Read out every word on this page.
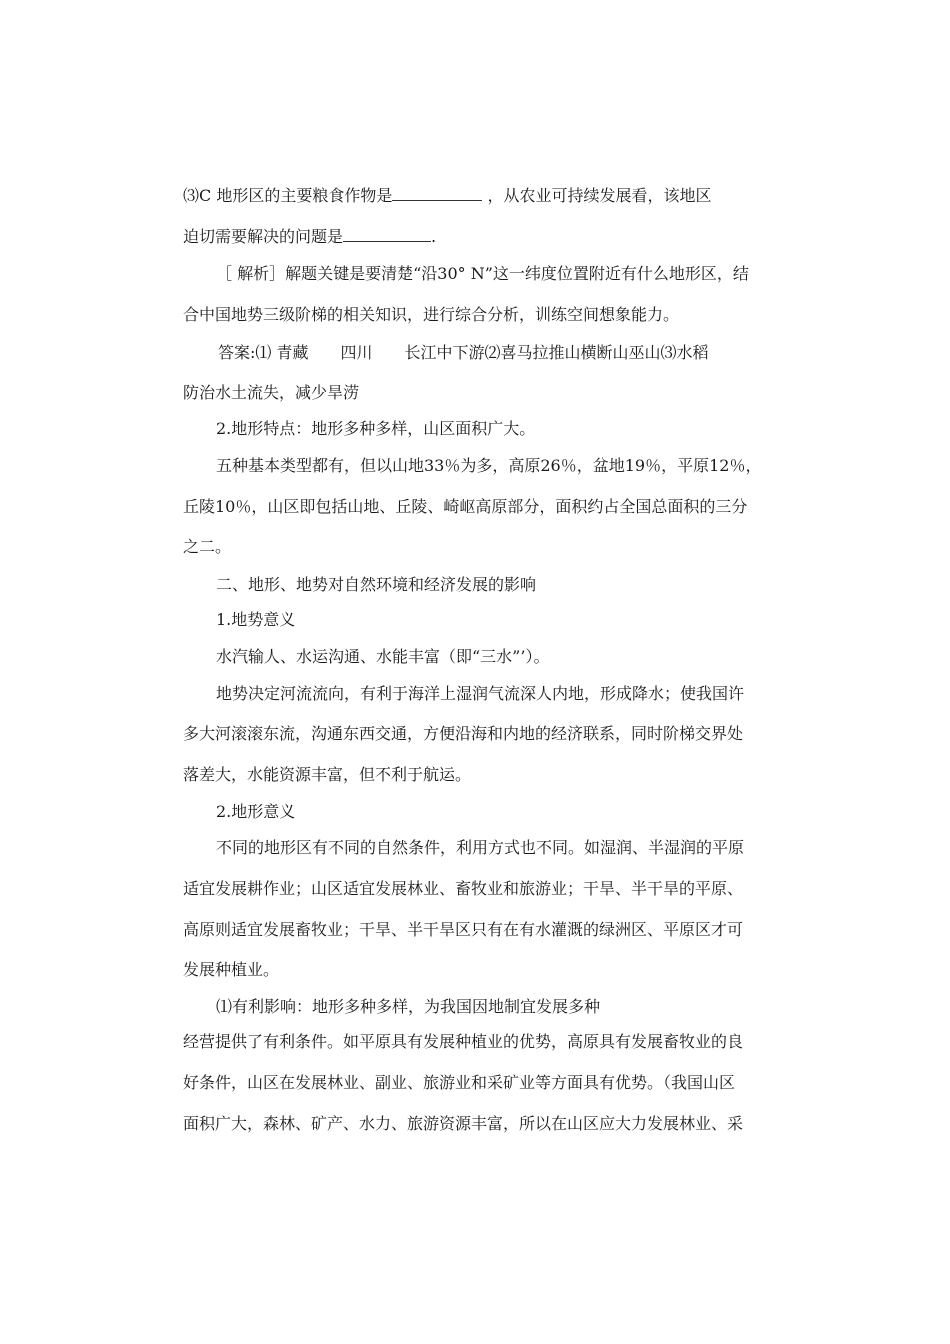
⑶C 地形区的主要粮食作物是	，从农业可持续发展看，该地区
迫切需要解决的问题是	.
［ 解析］解题关键是要清楚“沿30° N”这一纬度位置附近有什么地形区，结
合中国地势三级阶梯的相关知识，进行综合分析，训练空间想象能力。
答案:⑴ 青藏　　四川　　长江中下游⑵喜马拉推山横断山巫山⑶水稻
防治水土流失，减少旱涝
2.地形特点：地形多种多样，山区面积广大。
五种基本类型都有，但以山地33％为多，高原26％，盆地19％，平原12％，
丘陵10％，山区即包括山地、丘陵、崎岖高原部分，面积约占全国总面积的三分
之二。
二、地形、地势对自然环境和经济发展的影响
1.地势意义
水汽输人、水运沟通、水能丰富（即“三水”’）。
地势决定河流流向，有利于海洋上湿润气流深人内地，形成降水；使我国许
多大河滚滚东流，沟通东西交通，方便沿海和内地的经济联系，同时阶梯交界处
落差大，水能资源丰富，但不利于航运。
2.地形意义
不同的地形区有不同的自然条件，利用方式也不同。如湿润、半湿润的平原
适宜发展耕作业；山区适宜发展林业、畜牧业和旅游业；干旱、半干旱的平原、
高原则适宜发展畜牧业；干旱、半干旱区只有在有水灌溉的绿洲区、平原区才可
发展种植业。
⑴有利影响：地形多种多样，为我国因地制宜发展多种
经营提供了有利条件。如平原具有发展种植业的优势，高原具有发展畜牧业的良
好条件，山区在发展林业、副业、旅游业和采矿业等方面具有优势。（我国山区
面积广大，森林、矿产、水力、旅游资源丰富，所以在山区应大力发展林业、采
